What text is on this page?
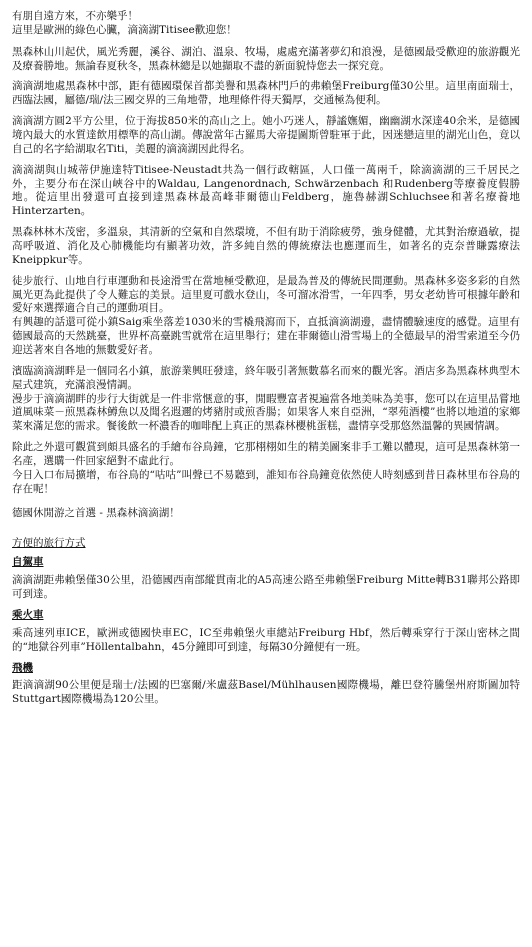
有朋自遠方來，不亦樂乎！
這里是歐洲的綠色心臟，滴滴湖Titisee歡迎您！

黑森林山川起伏，風光秀麗，溪谷、湖泊、溫泉、牧場，處處充滿著夢幻和浪漫，是德國最受歡迎的旅游觀光及療養勝地。無論春夏秋冬，黑森林總是以她擷取不盡的新面貌恃您去一探究竟。

滴滴湖地處黑森林中部，距有德國環保首都美譽和黑森林門戶的弗賴堡Freiburg僅30公里。這里南面瑞士，西臨法國，屬德/瑞/法三國交界的三角地帶，地理條件得天獨厚，交通極為便利。

滴滴湖方圓2平方公里，位于海拔850米的高山之上。她小巧迷人，靜謐嫵媚，幽幽湖水深達40余米，是德國境內最大的水質達飲用標準的高山湖。傳說當年古羅馬大帝提圖斯曾駐軍于此，因迷戀這里的湖光山色，竟以自己的名字給湖取名Titi，美麗的滴滴湖因此得名。

滴滴湖與山城蒂伊施達特Titisee-Neustadt共為一個行政轄區，人口僅一萬兩千，除滴滴湖的三千居民之外，主要分布在深山峽谷中的Waldau, Langenordnach, Schwärzenbach 和Rudenberg等療養度假勝地。從這里出發還可直接到達黑森林最高峰菲爾德山Feldberg，施魯赫湖Schluchsee和著名療養地Hinterzarten。

黑森林林木茂密，多溫泉，其清新的空氣和自然環境，不但有助于消除疲勞，強身健體，尤其對治療過敏，提高呼吸道、消化及心肺機能均有顯著功效，許多純自然的傳統療法也應運而生，如著名的克奈普賺露療法Kneippkur等。

徒步旅行、山地自行車運動和長途滑雪在當地極受歡迎，是最為普及的傳統民間運動。黑森林多姿多彩的自然風光更為此提供了令人難忘的美景。這里夏可戲水登山，冬可溜冰滑雪，一年四季，男女老幼皆可根據年齡和愛好來選擇適合自己的運動項目。

有興趣的話還可從小鎮Saig乘坐落差1030米的雪橇飛瀉而下，直抵滴滴湖邊，盡情體驗速度的感覺。這里有德國最高的天然跳臺，世界杯高臺跳雪就常在這里舉行；建在菲爾德山滑雪場上的全德最早的滑雪索道至今仍迎送著來自各地的無數愛好者。

濱臨滴滴湖畔是一個同名小鎮，旅游業興旺發達，終年吸引著無數慕名而來的觀光客。酒店多為黑森林典型木屋式建筑，充滿浪漫情調。

漫步于滴滴湖畔的步行大街就是一件非常愜意的事，閒暇豐富者視遍當各地美味為美事，您可以在這里品嘗地道風味菜－煎黑森林鱒魚以及聞名遐邇的烤豬肘或煎香腸；如果客人來自亞洲，“翠苑酒樓”也將以地道的家鄉菜來滿足您的需求。餐後飲一杯濃香的咖啡配上真正的黑森林櫻桃蛋糕，盡情享受那悠然溫馨的異國情調。

除此之外還可觀賞到頗具盛名的手繪布谷鳥鐘，它那栩栩如生的精美圖案非手工難以體現，這可是黑森林第一名產，選購一件回家絕對不虛此行。

今日入口布局擴增，布谷鳥的“咕咕”叫聲已不易聽到，誰知布谷鳥鐘竟依然使人時刻感到昔日森林里布谷鳥的存在呢！

德國休閒游之首選 - 黑森林滴滴湖！

方便的旅行方式
自駕車

滴滴湖距弗賴堡僅30公里，沿德國西南部縱貫南北的A5高速公路至弗賴堡Freiburg Mitte轉B31聯邦公路即可到達。

乘火車

乘高速列車ICE，歐洲或德國快車EC，IC至弗賴堡火車總站Freiburg Hbf，然后轉乘穿行于深山密林之間的“地獄谷列車”Höllentalbahn，45分鐘即可到達，每隔30分鐘便有一班。

飛機

距滴滴湖90公里便是瑞士/法國的巴塞爾/米盧茲Basel/Mühlhausen國際機場，離巴登符騰堡州府斯圖加特Stuttgart國際機場為120公里。
